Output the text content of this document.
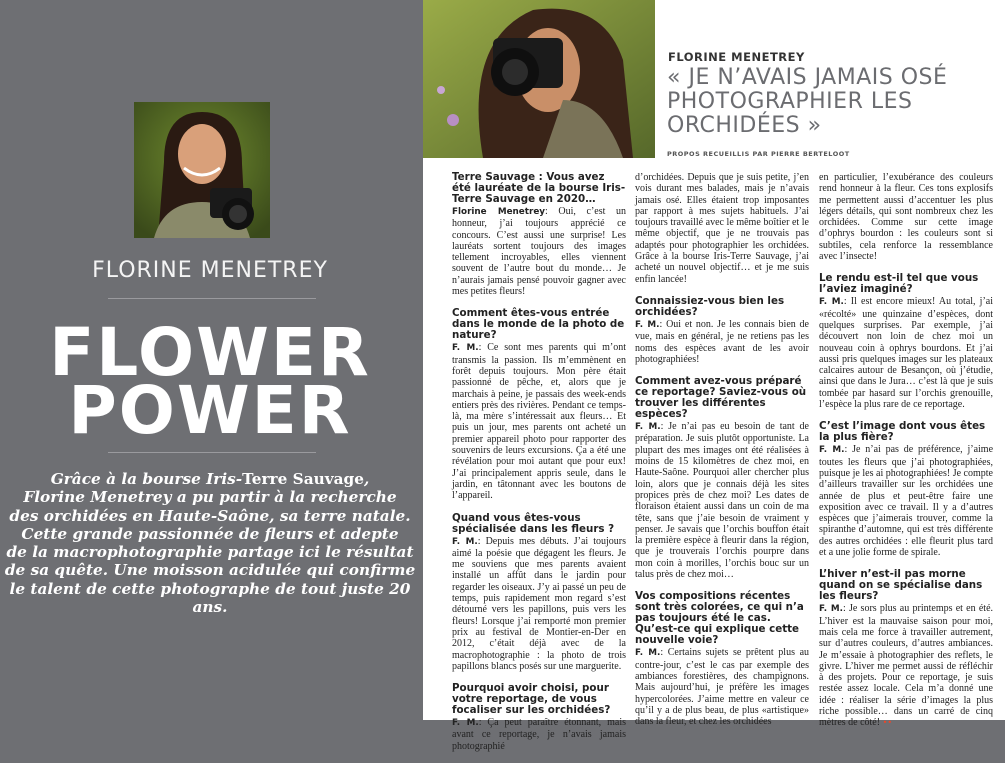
FLORINE MENETREY
FLOWER
POWER
Grâce à la bourse Iris-Terre Sauvage,
Florine Menetrey a pu partir à la recherche
des orchidées en Haute-Saône, sa terre natale.
Cette grande passionnée de fleurs et adepte
de la macrophotographie partage ici le résultat
de sa quête. Une moisson acidulée qui confirme
le talent de cette photographe de tout juste 20 ans.
FLORINE MENETREY
« JE N’AVAIS JAMAIS OSÉ PHOTOGRAPHIER LES ORCHIDÉES »
PROPOS RECUEILLIS PAR PIERRE BERTELOOT
Terre Sauvage : Vous avez été lauréate de la bourse Iris-Terre Sauvage en 2020…

Florine Menetrey: Oui, c’est un honneur, j’ai toujours apprécié ce concours. C’est aussi une surprise! Les lauréats sortent toujours des images tellement incroyables, elles viennent souvent de l’autre bout du monde… Je n’aurais jamais pensé pouvoir gagner avec mes petites fleurs!

Comment êtes-vous entrée dans le monde de la photo de nature?

F. M.: Ce sont mes parents qui m’ont transmis la passion. Ils m’emmènent en forêt depuis toujours. Mon père était passionné de pêche, et, alors que je marchais à peine, je passais des week-ends entiers près des rivières. Pendant ce temps-là, ma mère s’intéressait aux fleurs… Et puis un jour, mes parents ont acheté un premier appareil photo pour rapporter des souvenirs de leurs excursions. Ça a été une révélation pour moi autant que pour eux! J’ai principalement appris seule, dans le jardin, en tâtonnant avec les boutons de l’appareil.

Quand vous êtes-vous spécialisée dans les fleurs ?

F. M.: Depuis mes débuts. J’ai toujours aimé la poésie que dégagent les fleurs. Je me souviens que mes parents avaient installé un affût dans le jardin pour regarder les oiseaux. J’y ai passé un peu de temps, puis rapidement mon regard s’est détourné vers les papillons, puis vers les fleurs! Lorsque j’ai remporté mon premier prix au festival de Montier-en-Der en 2012, c’était déjà avec de la macrophotographie : la photo de trois papillons blancs posés sur une marguerite.

Pourquoi avoir choisi, pour votre reportage, de vous focaliser sur les orchidées?

F. M.: Ça peut paraître étonnant, mais avant ce reportage, je n’avais jamais photographié

d’orchidées. Depuis que je suis petite, j’en vois durant mes balades, mais je n’avais jamais osé. Elles étaient trop imposantes par rapport à mes sujets habituels. J’ai toujours travaillé avec le même boîtier et le même objectif, que je ne trouvais pas adaptés pour photographier les orchidées. Grâce à la bourse Iris-Terre Sauvage, j’ai acheté un nouvel objectif… et je me suis enfin lancée!

Connaissiez-vous bien les orchidées?

F. M.: Oui et non. Je les connais bien de vue, mais en général, je ne retiens pas les noms des espèces avant de les avoir photographiées!

Comment avez-vous préparé ce reportage? Saviez-vous où trouver les différentes espèces?

F. M.: Je n’ai pas eu besoin de tant de préparation. Je suis plutôt opportuniste. La plupart des mes images ont été réalisées à moins de 15 kilomètres de chez moi, en Haute-Saône. Pourquoi aller chercher plus loin, alors que je connais déjà les sites propices près de chez moi? Les dates de floraison étaient aussi dans un coin de ma tête, sans que j’aie besoin de vraiment y penser. Je savais que l’orchis bouffon était la première espèce à fleurir dans la région, que je trouverais l’orchis pourpre dans mon coin à morilles, l’orchis bouc sur un talus près de chez moi…

Vos compositions récentes sont très colorées, ce qui n’a pas toujours été le cas. Qu’est-ce qui explique cette nouvelle voie?

F. M.: Certains sujets se prêtent plus au contre-jour, c’est le cas par exemple des ambiances forestières, des champignons. Mais aujourd’hui, je préfère les images hypercolorées. J’aime mettre en valeur ce qu’il y a de plus beau, de plus «artistique» dans la fleur, et chez les orchidées

en particulier, l’exubérance des couleurs rend honneur à la fleur. Ces tons explosifs me permettent aussi d’accentuer les plus légers détails, qui sont nombreux chez les orchidées. Comme sur cette image d’ophrys bourdon : les couleurs sont si subtiles, cela renforce la ressemblance avec l’insecte!

Le rendu est-il tel que vous l’aviez imaginé?

F. M.: Il est encore mieux! Au total, j’ai «récolté» une quinzaine d’espèces, dont quelques surprises. Par exemple, j’ai découvert non loin de chez moi un nouveau coin à ophrys bourdons. Et j’ai aussi pris quelques images sur les plateaux calcaires autour de Besançon, où j’étudie, ainsi que dans le Jura… c’est là que je suis tombée par hasard sur l’orchis grenouille, l’espèce la plus rare de ce reportage.

C’est l’image dont vous êtes la plus fière?

F. M.: Je n’ai pas de préférence, j’aime toutes les fleurs que j’ai photographiées, puisque je les ai photographiées! Je compte d’ailleurs travailler sur les orchidées une année de plus et peut-être faire une exposition avec ce travail. Il y a d’autres espèces que j’aimerais trouver, comme la spiranthe d’automne, qui est très différente des autres orchidées : elle fleurit plus tard et a une jolie forme de spirale.

L’hiver n’est-il pas morne quand on se spécialise dans les fleurs?

F. M.: Je sors plus au printemps et en été. L’hiver est la mauvaise saison pour moi, mais cela me force à travailler autrement, sur d’autres couleurs, d’autres ambiances. Je m’essaie à photographier des reflets, le givre. L’hiver me permet aussi de réfléchir à des projets. Pour ce reportage, je suis restée assez locale. Cela m’a donné une idée : réaliser la série d’images la plus riche possible… dans un carré de cinq mètres de côté! ••
